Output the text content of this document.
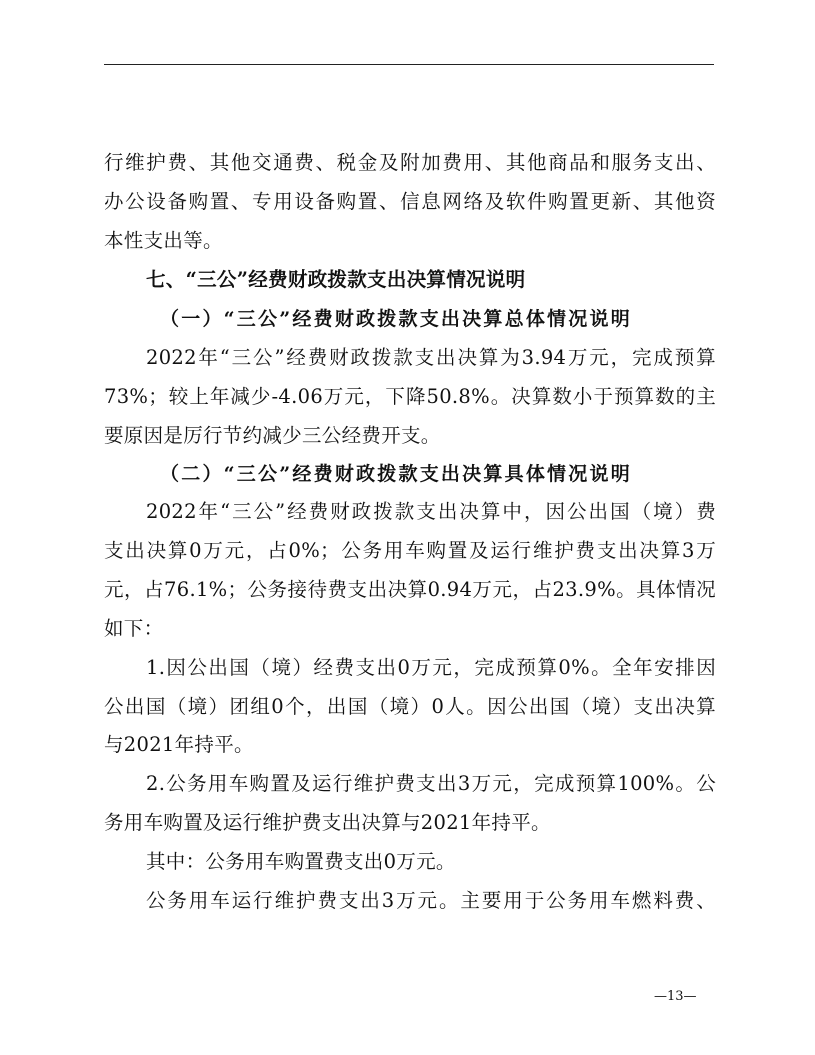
行维护费、其他交通费、税金及附加费用、其他商品和服务支出、
办公设备购置、专用设备购置、信息网络及软件购置更新、其他资
本性支出等。
七、“三公”经费财政拨款支出决算情况说明
（一）“三公”经费财政拨款支出决算总体情况说明
2022年“三公”经费财政拨款支出决算为3.94万元，完成预算
73%；较上年减少-4.06万元，下降50.8%。决算数小于预算数的主
要原因是厉行节约减少三公经费开支。
（二）“三公”经费财政拨款支出决算具体情况说明
2022年“三公”经费财政拨款支出决算中，因公出国（境）费
支出决算0万元，占0%；公务用车购置及运行维护费支出决算3万
元，占76.1%；公务接待费支出决算0.94万元，占23.9%。具体情况
如下：
1.因公出国（境）经费支出0万元，完成预算0%。全年安排因
公出国（境）团组0个，出国（境）0人。因公出国（境）支出决算
与2021年持平。
2.公务用车购置及运行维护费支出3万元，完成预算100%。公
务用车购置及运行维护费支出决算与2021年持平。
其中：公务用车购置费支出0万元。
公务用车运行维护费支出3万元。主要用于公务用车燃料费、
—13—
